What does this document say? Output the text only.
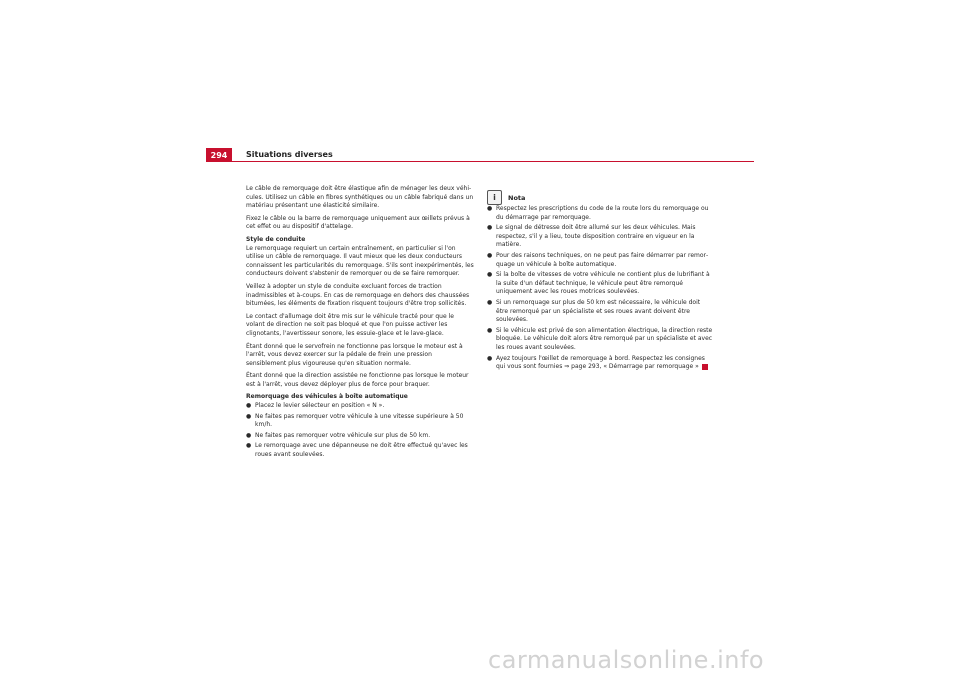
294	Situations diverses

Le câble de remorquage doit être élastique afin de ménager les deux véhicules. Utilisez un câble en fibres synthétiques ou un câble fabriqué dans un matériau présentant une élasticité similaire.

Fixez le câble ou la barre de remorquage uniquement aux œillets prévus à cet effet ou au dispositif d'attelage.

Style de conduite

Le remorquage requiert un certain entraînement, en particulier si l'on utilise un câble de remorquage. Il vaut mieux que les deux conducteurs connaissent les particularités du remorquage. S'ils sont inexpérimentés, les conducteurs doivent s'abstenir de remorquer ou de se faire remorquer.

Veillez à adopter un style de conduite excluant forces de traction inadmissibles et à-coups. En cas de remorquage en dehors des chaussées bitumées, les éléments de fixation risquent toujours d'être trop sollicités.

Le contact d'allumage doit être mis sur le véhicule tracté pour que le volant de direction ne soit pas bloqué et que l'on puisse activer les clignotants, l'avertisseur sonore, les essuie-glace et le lave-glace.

Étant donné que le servofrein ne fonctionne pas lorsque le moteur est à l'arrêt, vous devez exercer sur la pédale de frein une pression sensiblement plus vigoureuse qu'en situation normale.

Étant donné que la direction assistée ne fonctionne pas lorsque le moteur est à l'arrêt, vous devez déployer plus de force pour braquer.

Remorquage des véhicules à boîte automatique
● Placez le levier sélecteur en position « N ».
● Ne faites pas remorquer votre véhicule à une vitesse supérieure à 50 km/h.
● Ne faites pas remorquer votre véhicule sur plus de 50 km.
● Le remorquage avec une dépanneuse ne doit être effectué qu'avec les roues avant soulevées.
i	Nota
● Respectez les prescriptions du code de la route lors du remorquage ou du démarrage par remorquage.
● Le signal de détresse doit être allumé sur les deux véhicules. Mais respectez, s'il y a lieu, toute disposition contraire en vigueur en la matière.
● Pour des raisons techniques, on ne peut pas faire démarrer par remorquage un véhicule à boîte automatique.
● Si la boîte de vitesses de votre véhicule ne contient plus de lubrifiant à la suite d'un défaut technique, le véhicule peut être remorqué uniquement avec les roues motrices soulevées.
● Si un remorquage sur plus de 50 km est nécessaire, le véhicule doit être remorqué par un spécialiste et ses roues avant doivent être soulevées.
● Si le véhicule est privé de son alimentation électrique, la direction reste bloquée. Le véhicule doit alors être remorqué par un spécialiste et avec les roues avant soulevées.
● Ayez toujours l'œillet de remorquage à bord. Respectez les consignes qui vous sont fournies ⇒ page 293, « Démarrage par remorquage »
carmanualsonline.info
